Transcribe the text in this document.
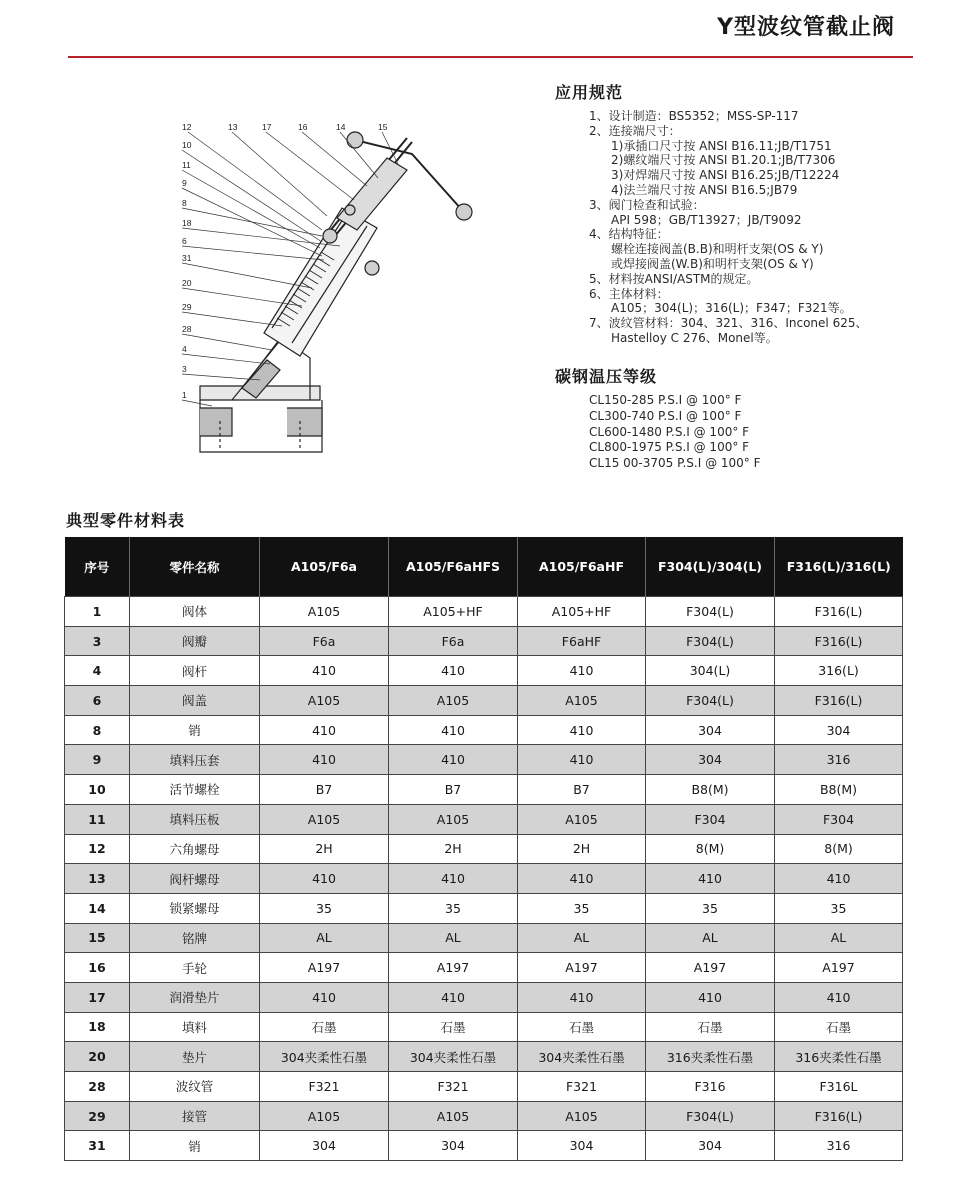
Y型波纹管截止阀
12	13	17	16	14	15
10
11
9
8
18
6
31
20
29
28
4
3
1
应用规范
1、设计制造：BS5352；MSS-SP-117
2、连接端尺寸：
1)承插口尺寸按 ANSI B16.11;JB/T1751
2)螺纹端尺寸按 ANSI B1.20.1;JB/T7306
3)对焊端尺寸按 ANSI B16.25;JB/T12224
4)法兰端尺寸按 ANSI B16.5;JB79
3、阀门检查和试验：
API 598；GB/T13927；JB/T9092
4、结构特征：
螺栓连接阀盖(B.B)和明杆支架(OS & Y)
或焊接阀盖(W.B)和明杆支架(OS & Y)
5、材料按ANSI/ASTM的规定。
6、主体材料：
A105；304(L)；316(L)；F347；F321等。
7、波纹管材料：304、321、316、Inconel 625、
Hastelloy C 276、Monel等。
碳钢温压等级
CL150-285 P.S.I @ 100° F
CL300-740 P.S.I @ 100° F
CL600-1480 P.S.I @ 100° F
CL800-1975 P.S.I @ 100° F
CL15 00-3705 P.S.I @ 100° F
典型零件材料表
序号	零件名称	A105/F6a	A105/F6aHFS	A105/F6aHF	F304(L)/304(L)	F316(L)/316(L)
1	阀体	A105	A105+HF	A105+HF	F304(L)	F316(L)
3	阀瓣	F6a	F6a	F6aHF	F304(L)	F316(L)
4	阀杆	410	410	410	304(L)	316(L)
6	阀盖	A105	A105	A105	F304(L)	F316(L)
8	销	410	410	410	304	304
9	填料压套	410	410	410	304	316
10	活节螺栓	B7	B7	B7	B8(M)	B8(M)
11	填料压板	A105	A105	A105	F304	F304
12	六角螺母	2H	2H	2H	8(M)	8(M)
13	阀杆螺母	410	410	410	410	410
14	锁紧螺母	35	35	35	35	35
15	铭牌	AL	AL	AL	AL	AL
16	手轮	A197	A197	A197	A197	A197
17	润滑垫片	410	410	410	410	410
18	填料	石墨	石墨	石墨	石墨	石墨
20	垫片	304夹柔性石墨	304夹柔性石墨	304夹柔性石墨	316夹柔性石墨	316夹柔性石墨
28	波纹管	F321	F321	F321	F316	F316L
29	接管	A105	A105	A105	F304(L)	F316(L)
31	销	304	304	304	304	316
